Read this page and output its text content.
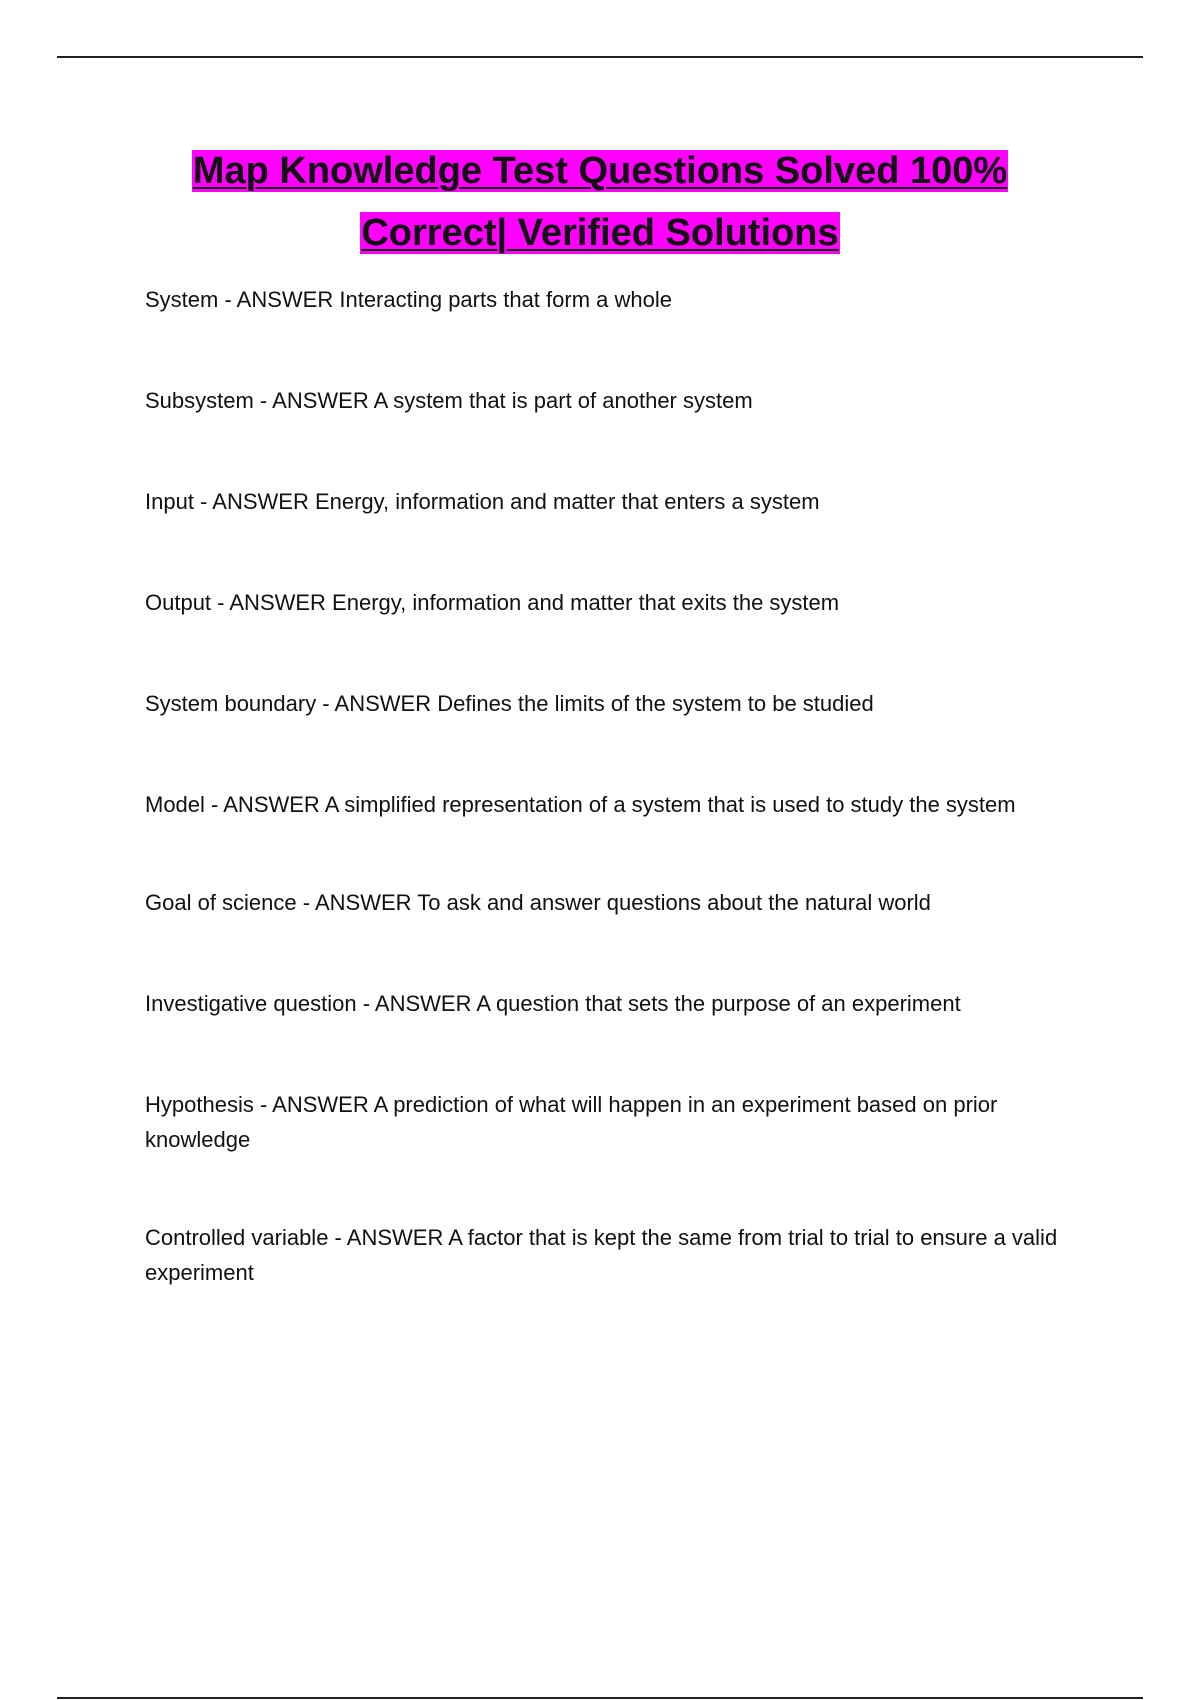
Map Knowledge Test Questions Solved 100%
Correct| Verified Solutions
System - ANSWER Interacting parts that form a whole
Subsystem - ANSWER A system that is part of another system
Input - ANSWER Energy, information and matter that enters a system
Output - ANSWER Energy, information and matter that exits the system
System boundary - ANSWER Defines the limits of the system to be studied
Model - ANSWER A simplified representation of a system that is used to study the system
Goal of science - ANSWER To ask and answer questions about the natural world
Investigative question - ANSWER A question that sets the purpose of an experiment
Hypothesis - ANSWER A prediction of what will happen in an experiment based on prior knowledge
Controlled variable - ANSWER A factor that is kept the same from trial to trial to ensure a valid experiment
